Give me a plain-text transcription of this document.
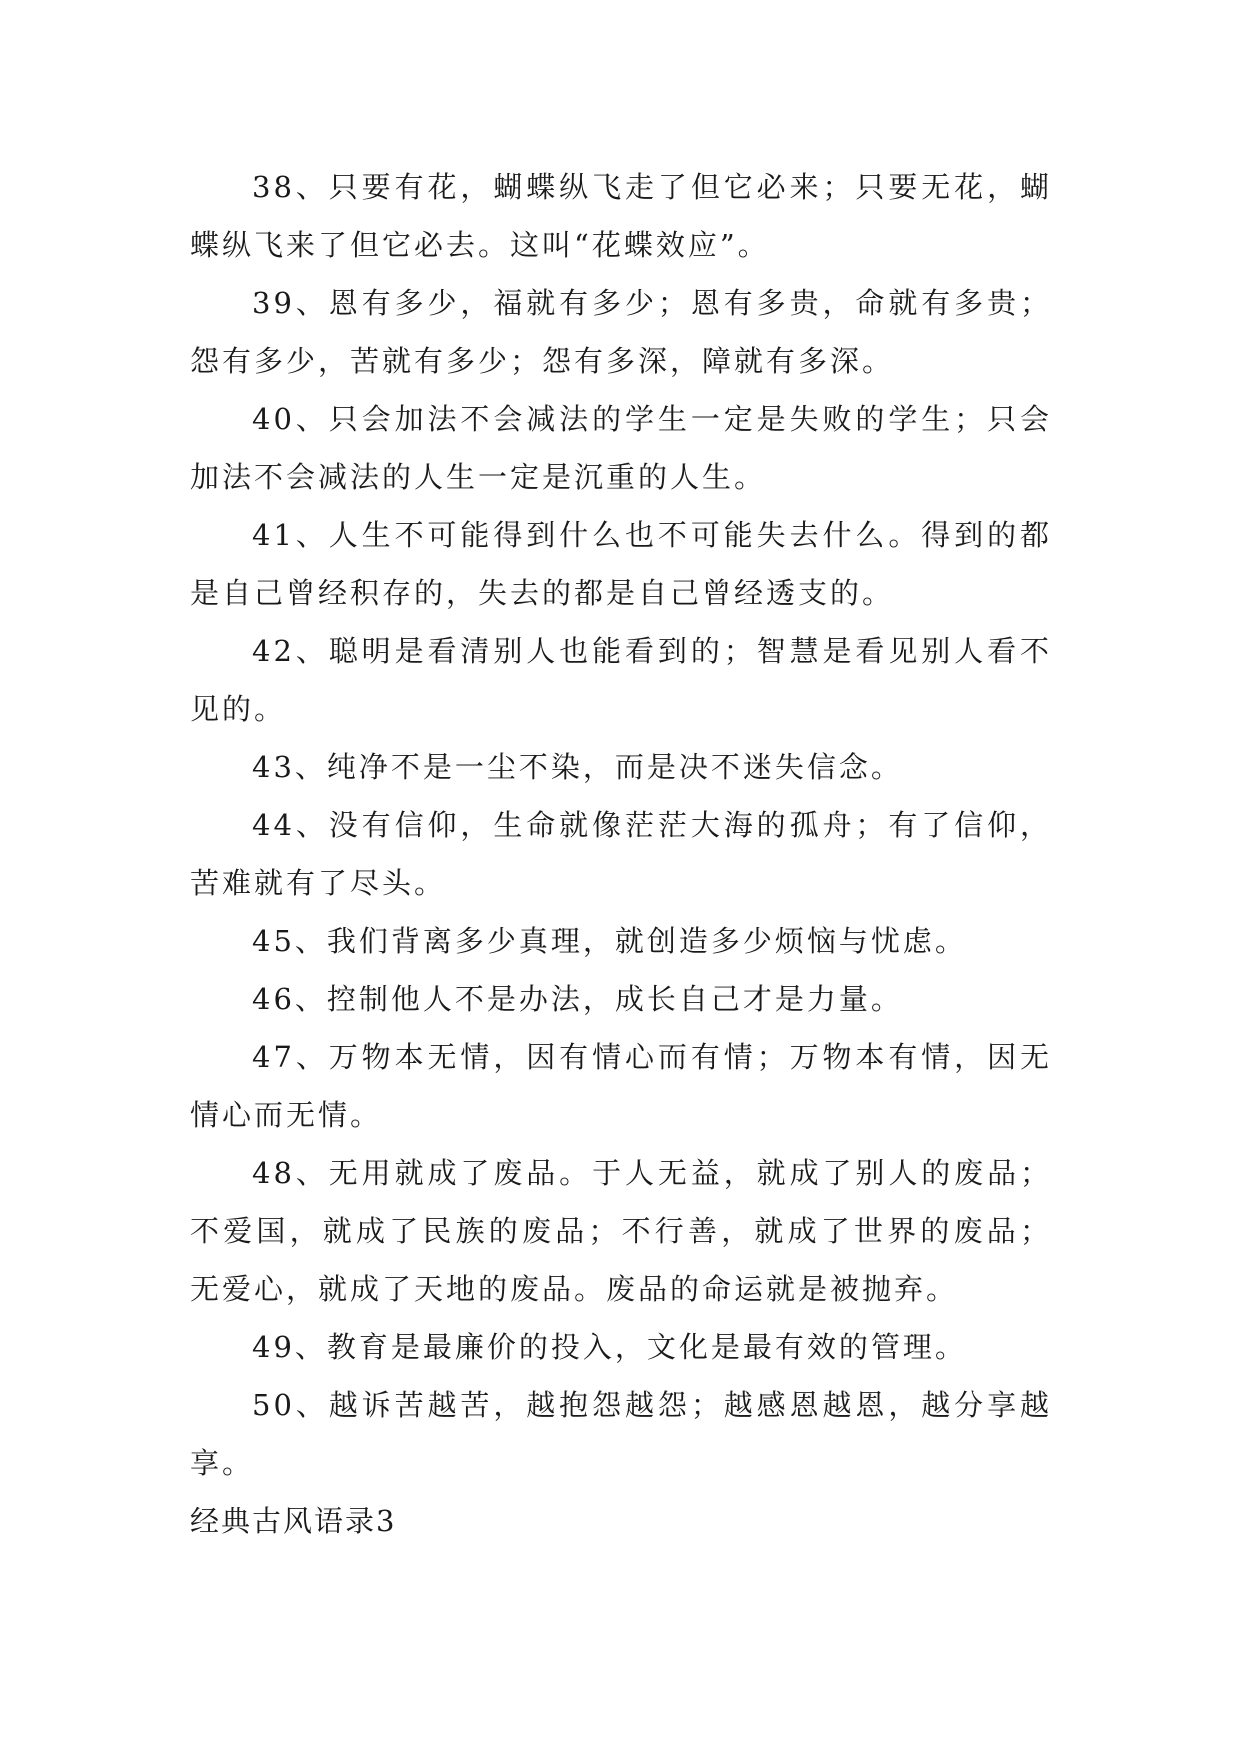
38、只要有花，蝴蝶纵飞走了但它必来；只要无花，蝴蝶纵飞来了但它必去。这叫“花蝶效应”。

39、恩有多少，福就有多少；恩有多贵，命就有多贵；怨有多少，苦就有多少；怨有多深，障就有多深。

40、只会加法不会减法的学生一定是失败的学生；只会加法不会减法的人生一定是沉重的人生。

41、人生不可能得到什么也不可能失去什么。得到的都是自己曾经积存的，失去的都是自己曾经透支的。

42、聪明是看清别人也能看到的；智慧是看见别人看不见的。

43、纯净不是一尘不染，而是决不迷失信念。

44、没有信仰，生命就像茫茫大海的孤舟；有了信仰，苦难就有了尽头。

45、我们背离多少真理，就创造多少烦恼与忧虑。

46、控制他人不是办法，成长自己才是力量。

47、万物本无情，因有情心而有情；万物本有情，因无情心而无情。

48、无用就成了废品。于人无益，就成了别人的废品；不爱国，就成了民族的废品；不行善，就成了世界的废品；无爱心，就成了天地的废品。废品的命运就是被抛弃。

49、教育是最廉价的投入，文化是最有效的管理。

50、越诉苦越苦，越抱怨越怨；越感恩越恩，越分享越享。

经典古风语录3
